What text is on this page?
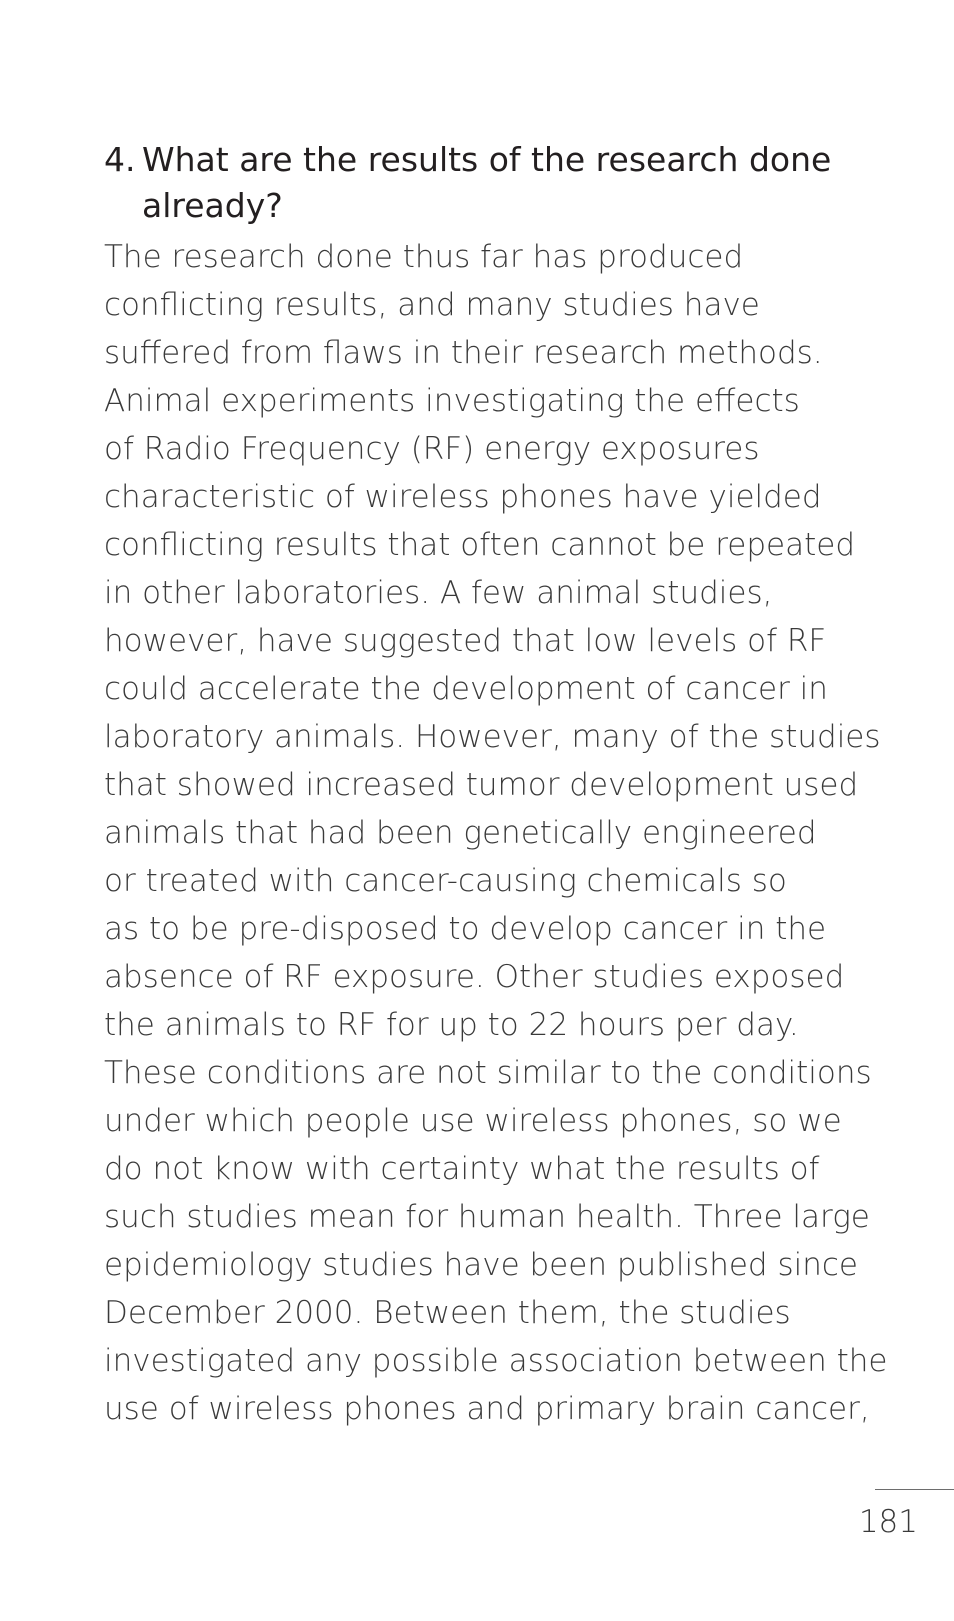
4. What are the results of the research done already?
The research done thus far has produced
conflicting results, and many studies have
suffered from flaws in their research methods.
Animal experiments investigating the effects
of Radio Frequency (RF) energy exposures
characteristic of wireless phones have yielded
conflicting results that often cannot be repeated
in other laboratories. A few animal studies,
however, have suggested that low levels of RF
could accelerate the development of cancer in
laboratory animals. However, many of the studies
that showed increased tumor development used
animals that had been genetically engineered
or treated with cancer-causing chemicals so
as to be pre-disposed to develop cancer in the
absence of RF exposure. Other studies exposed
the animals to RF for up to 22 hours per day.
These conditions are not similar to the conditions
under which people use wireless phones, so we
do not know with certainty what the results of
such studies mean for human health. Three large
epidemiology studies have been published since
December 2000. Between them, the studies
investigated any possible association between the
use of wireless phones and primary brain cancer,
181
